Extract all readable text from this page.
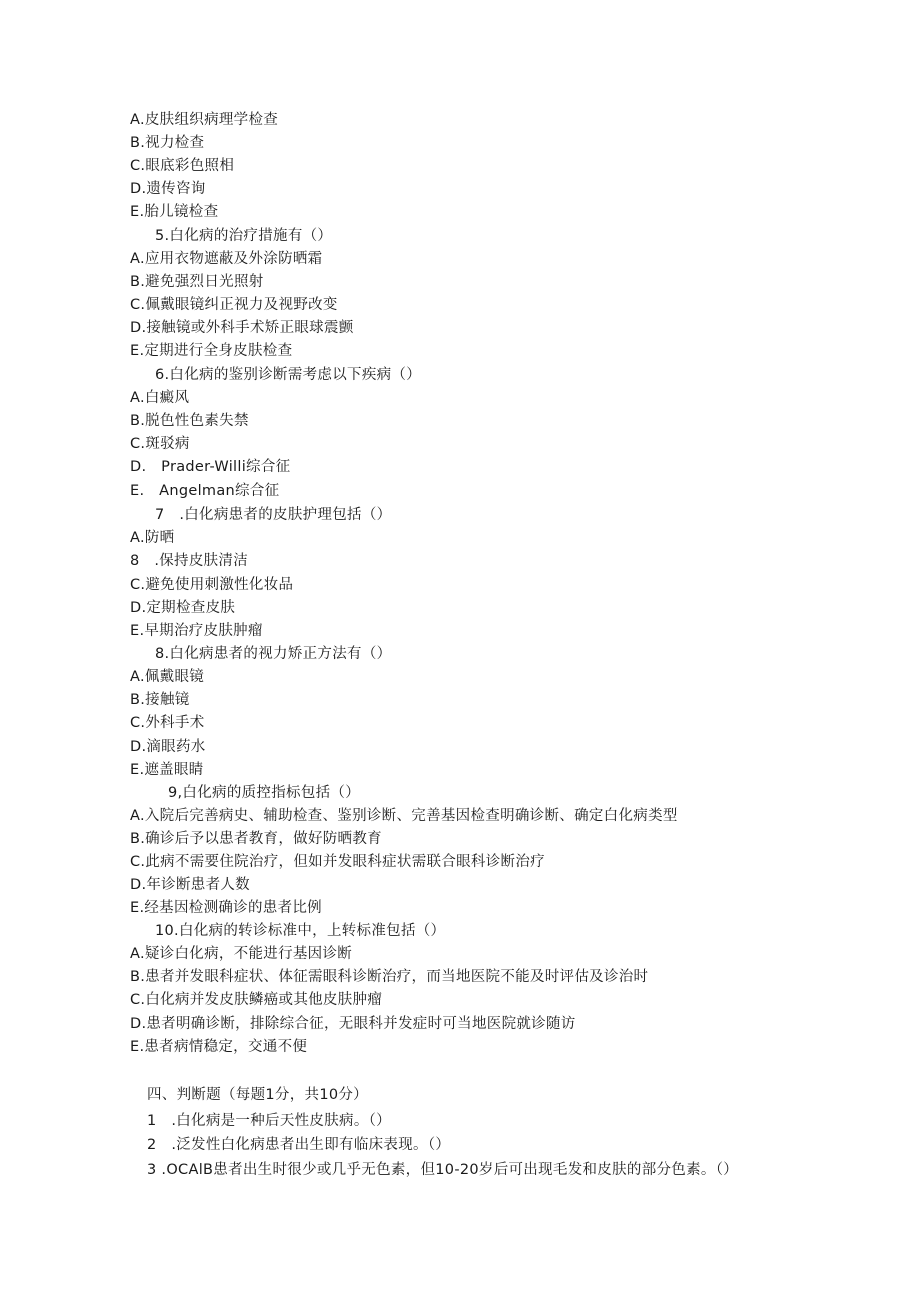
A.皮肤组织病理学检查
B.视力检查
C.眼底彩色照相
D.遗传咨询
E.胎儿镜检查
5.白化病的治疗措施有（）
A.应用衣物遮蔽及外涂防晒霜
B.避免强烈日光照射
C.佩戴眼镜纠正视力及视野改变
D.接触镜或外科手术矫正眼球震颤
E.定期进行全身皮肤检查
6.白化病的鉴别诊断需考虑以下疾病（）
A.白癜风
B.脱色性色素失禁
C.斑驳病
D.　Prader-Willi综合征
E.　Angelman综合征
7　.白化病患者的皮肤护理包括（）
A.防晒
8　.保持皮肤清洁
C.避免使用刺激性化妆品
D.定期检查皮肤
E.早期治疗皮肤肿瘤
8.白化病患者的视力矫正方法有（）
A.佩戴眼镜
B.接触镜
C.外科手术
D.滴眼药水
E.遮盖眼睛
9,白化病的质控指标包括（）
A.入院后完善病史、辅助检查、鉴别诊断、完善基因检查明确诊断、确定白化病类型
B.确诊后予以患者教育，做好防晒教育
C.此病不需要住院治疗，但如并发眼科症状需联合眼科诊断治疗
D.年诊断患者人数
E.经基因检测确诊的患者比例
10.白化病的转诊标准中，上转标准包括（）
A.疑诊白化病，不能进行基因诊断
B.患者并发眼科症状、体征需眼科诊断治疗，而当地医院不能及时评估及诊治时
C.白化病并发皮肤鳞癌或其他皮肤肿瘤
D.患者明确诊断，排除综合征，无眼科并发症时可当地医院就诊随访
E.患者病情稳定，交通不便
四、判断题（每题1分，共10分）
1　.白化病是一种后天性皮肤病。（）
2　.泛发性白化病患者出生即有临床表现。（）
3 .OCAlB患者出生时很少或几乎无色素，但10-20岁后可出现毛发和皮肤的部分色素。（）
